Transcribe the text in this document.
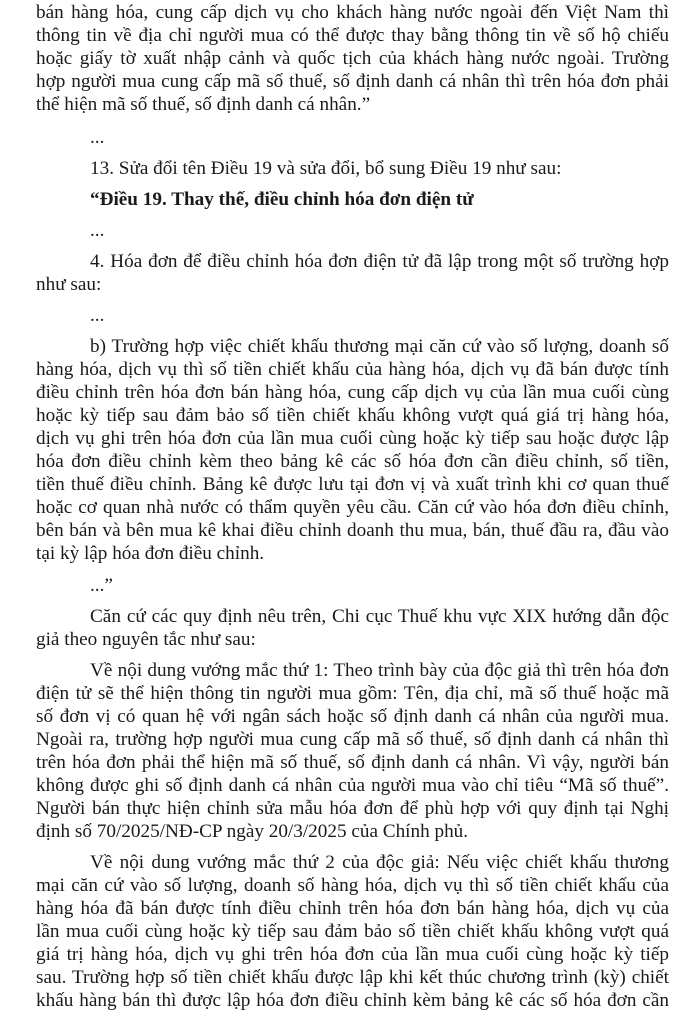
bán hàng hóa, cung cấp dịch vụ cho khách hàng nước ngoài đến Việt Nam thì
thông tin về địa chỉ người mua có thể được thay bằng thông tin về số hộ chiếu
hoặc giấy tờ xuất nhập cảnh và quốc tịch của khách hàng nước ngoài. Trường
hợp người mua cung cấp mã số thuế, số định danh cá nhân thì trên hóa đơn phải
thể hiện mã số thuế, số định danh cá nhân.”
...
13. Sửa đổi tên Điều 19 và sửa đổi, bổ sung Điều 19 như sau:
“Điều 19. Thay thế, điều chỉnh hóa đơn điện tử
...
4. Hóa đơn để điều chỉnh hóa đơn điện tử đã lập trong một số trường hợp
như sau:
...
b) Trường hợp việc chiết khấu thương mại căn cứ vào số lượng, doanh số
hàng hóa, dịch vụ thì số tiền chiết khấu của hàng hóa, dịch vụ đã bán được tính
điều chỉnh trên hóa đơn bán hàng hóa, cung cấp dịch vụ của lần mua cuối cùng
hoặc kỳ tiếp sau đảm bảo số tiền chiết khấu không vượt quá giá trị hàng hóa,
dịch vụ ghi trên hóa đơn của lần mua cuối cùng hoặc kỳ tiếp sau hoặc được lập
hóa đơn điều chỉnh kèm theo bảng kê các số hóa đơn cần điều chỉnh, số tiền,
tiền thuế điều chỉnh. Bảng kê được lưu tại đơn vị và xuất trình khi cơ quan thuế
hoặc cơ quan nhà nước có thẩm quyền yêu cầu. Căn cứ vào hóa đơn điều chỉnh,
bên bán và bên mua kê khai điều chỉnh doanh thu mua, bán, thuế đầu ra, đầu vào
tại kỳ lập hóa đơn điều chỉnh.
...”
Căn cứ các quy định nêu trên, Chi cục Thuế khu vực XIX hướng dẫn độc
giả theo nguyên tắc như sau:
Về nội dung vướng mắc thứ 1: Theo trình bày của độc giả thì trên hóa đơn
điện tử sẽ thể hiện thông tin người mua gồm: Tên, địa chỉ, mã số thuế hoặc mã
số đơn vị có quan hệ với ngân sách hoặc số định danh cá nhân của người mua.
Ngoài ra, trường hợp người mua cung cấp mã số thuế, số định danh cá nhân thì
trên hóa đơn phải thể hiện mã số thuế, số định danh cá nhân. Vì vậy, người bán
không được ghi số định danh cá nhân của người mua vào chỉ tiêu “Mã số thuế”.
Người bán thực hiện chỉnh sửa mẫu hóa đơn để phù hợp với quy định tại Nghị
định số 70/2025/NĐ-CP ngày 20/3/2025 của Chính phủ.
Về nội dung vướng mắc thứ 2 của độc giả: Nếu việc chiết khấu thương
mại căn cứ vào số lượng, doanh số hàng hóa, dịch vụ thì số tiền chiết khấu của
hàng hóa đã bán được tính điều chỉnh trên hóa đơn bán hàng hóa, dịch vụ của
lần mua cuối cùng hoặc kỳ tiếp sau đảm bảo số tiền chiết khấu không vượt quá
giá trị hàng hóa, dịch vụ ghi trên hóa đơn của lần mua cuối cùng hoặc kỳ tiếp
sau. Trường hợp số tiền chiết khấu được lập khi kết thúc chương trình (kỳ) chiết
khấu hàng bán thì được lập hóa đơn điều chỉnh kèm bảng kê các số hóa đơn cần
